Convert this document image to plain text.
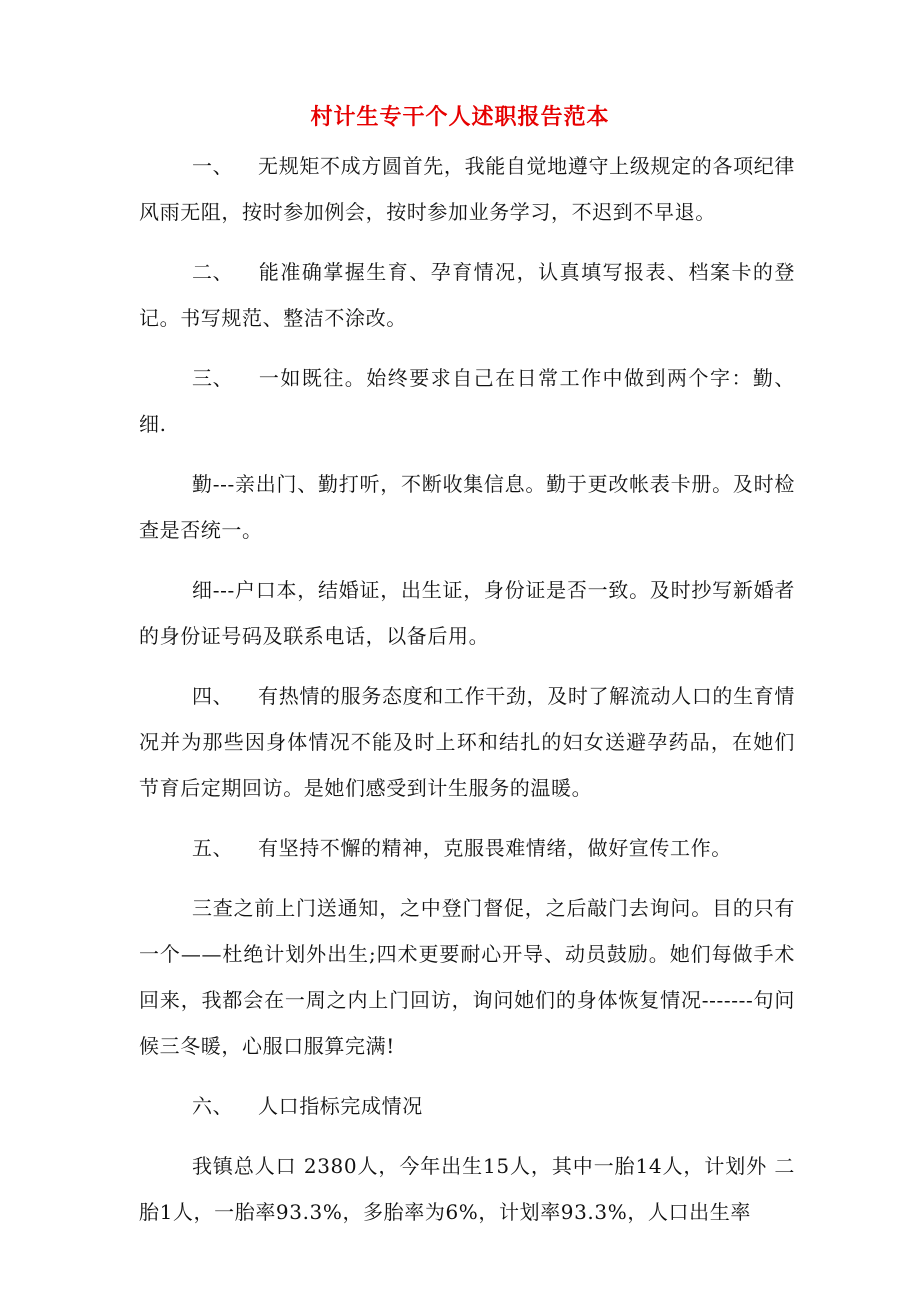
村计生专干个人述职报告范本

一、 无规矩不成方圆首先，我能自觉地遵守上级规定的各项纪律风雨无阻，按时参加例会，按时参加业务学习，不迟到不早退。

二、 能准确掌握生育、孕育情况，认真填写报表、档案卡的登记。书写规范、整洁不涂改。

三、 一如既往。始终要求自己在日常工作中做到两个字：勤、细.

勤---亲出门、勤打听，不断收集信息。勤于更改帐表卡册。及时检查是否统一。

细---户口本，结婚证，出生证，身份证是否一致。及时抄写新婚者的身份证号码及联系电话，以备后用。

四、 有热情的服务态度和工作干劲，及时了解流动人口的生育情况并为那些因身体情况不能及时上环和结扎的妇女送避孕药品，在她们节育后定期回访。是她们感受到计生服务的温暖。

五、 有坚持不懈的精神，克服畏难情绪，做好宣传工作。

三查之前上门送通知，之中登门督促，之后敲门去询问。目的只有一个——杜绝计划外出生;四术更要耐心开导、动员鼓励。她们每做手术回来，我都会在一周之内上门回访，询问她们的身体恢复情况-------句问候三冬暖，心服口服算完满!

六、 人口指标完成情况

我镇总人口 2380人，今年出生15人，其中一胎14人，计划外 二胎1人，一胎率93.3%，多胎率为6%，计划率93.3%，人口出生率
